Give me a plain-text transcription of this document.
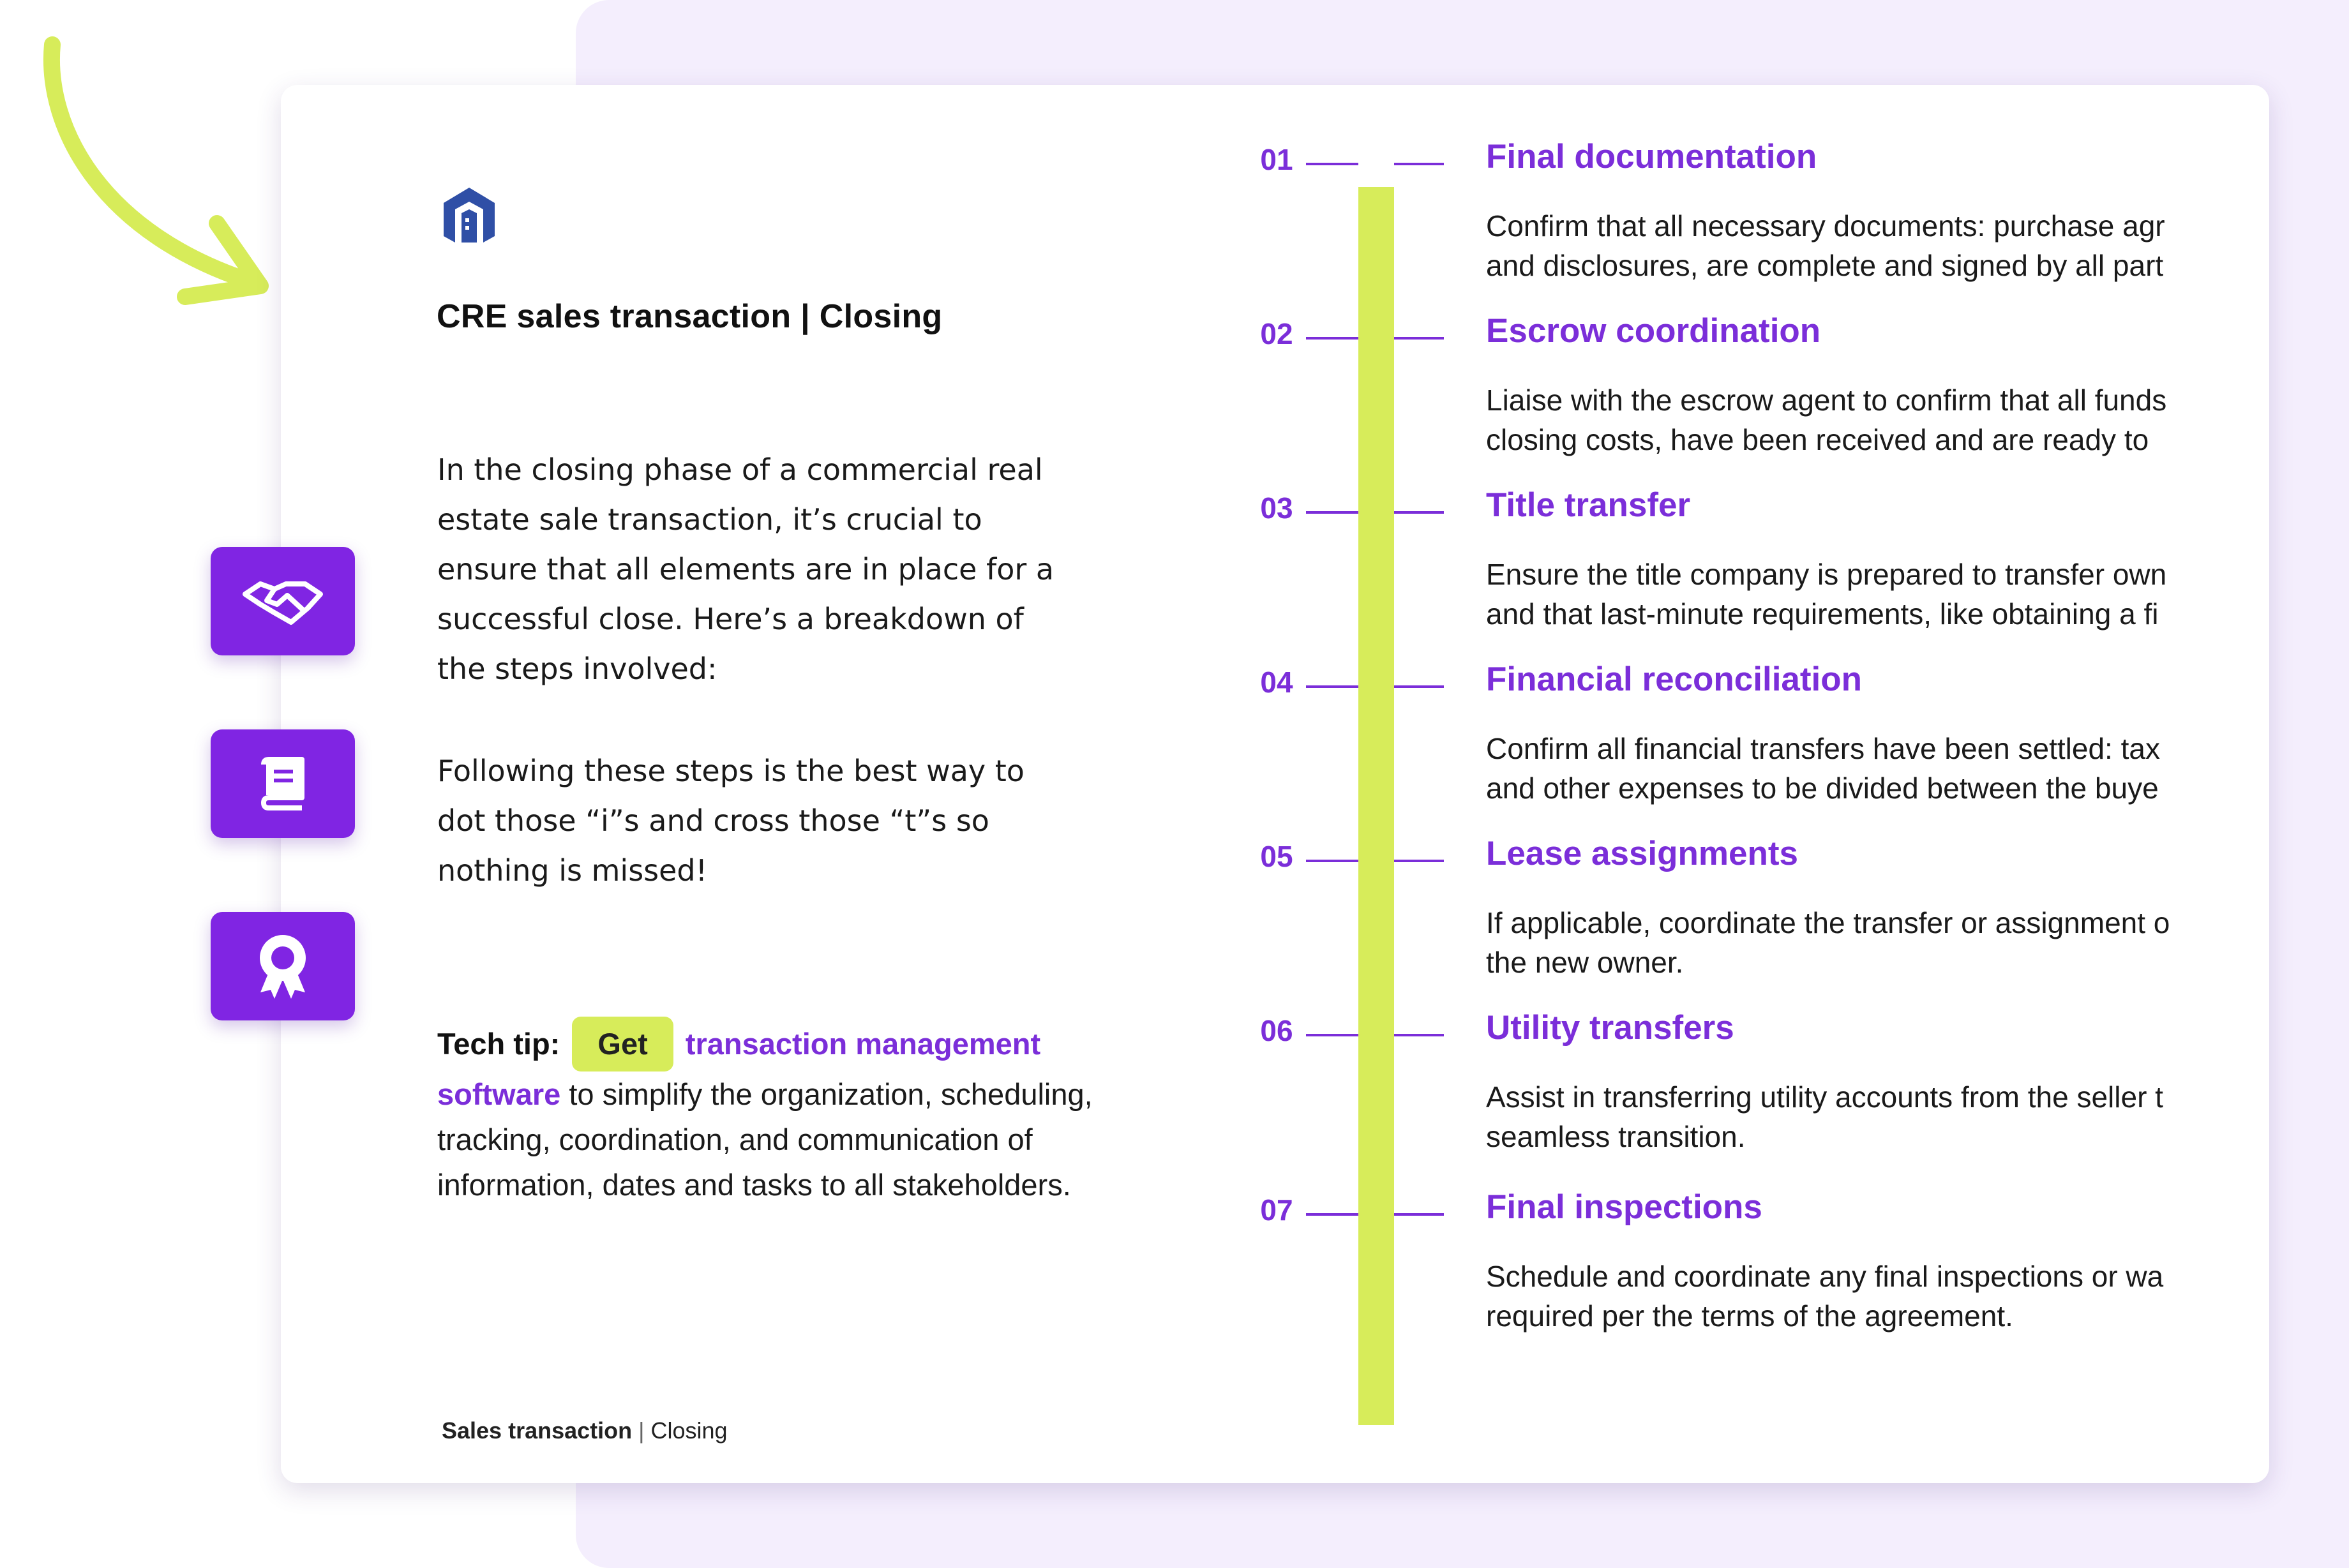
CRE sales transaction | Closing

In the closing phase of a commercial real estate sale transaction, it’s crucial to ensure that all elements are in place for a successful close. Here’s a breakdown of the steps involved:

Following these steps is the best way to dot those “i”s and cross those “t”s so nothing is missed!

Tech tip: Get transaction management software to simplify the organization, scheduling, tracking, coordination, and communication of information, dates and tasks to all stakeholders.

Sales transaction | Closing
01	Final documentation
Confirm that all necessary documents: purchase agr
and disclosures, are complete and signed by all part
02	Escrow coordination
Liaise with the escrow agent to confirm that all funds
closing costs, have been received and are ready to
03	Title transfer
Ensure the title company is prepared to transfer own
and that last-minute requirements, like obtaining a fi
04	Financial reconciliation
Confirm all financial transfers have been settled: tax
and other expenses to be divided between the buye
05	Lease assignments
If applicable, coordinate the transfer or assignment o
the new owner.
06	Utility transfers
Assist in transferring utility accounts from the seller t
seamless transition.
07	Final inspections
Schedule and coordinate any final inspections or wa
required per the terms of the agreement.
